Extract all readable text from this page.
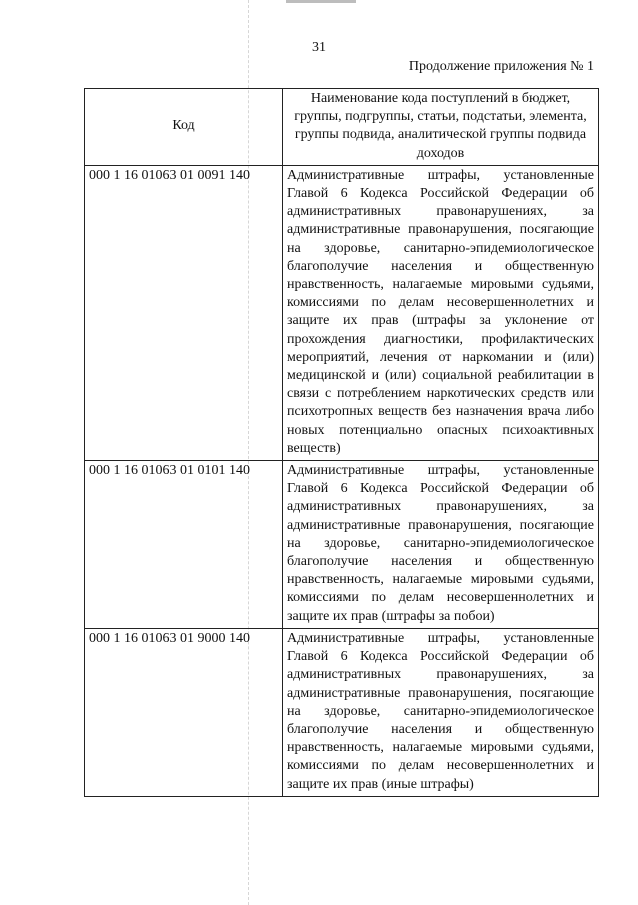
31
Продолжение приложения № 1
Код	Наименование кода поступлений в бюджет, группы, подгруппы, статьи, подстатьи, элемента, группы подвида, аналитической группы подвида доходов
000 1 16 01063 01 0091 140	Административные штрафы, установленные Главой 6 Кодекса Российской Федерации об административных правонарушениях, за административные правонарушения, посягающие на здоровье, санитарно-эпидемиологическое благополучие населения и общественную нравственность, налагаемые мировыми судьями, комиссиями по делам несовершеннолетних и защите их прав (штрафы за уклонение от прохождения диагностики, профилактических мероприятий, лечения от наркомании и (или) медицинской и (или) социальной реабилитации в связи с потреблением наркотических средств или психотропных веществ без назначения врача либо новых потенциально опасных психоактивных веществ)
000 1 16 01063 01 0101 140	Административные штрафы, установленные Главой 6 Кодекса Российской Федерации об административных правонарушениях, за административные правонарушения, посягающие на здоровье, санитарно-эпидемиологическое благополучие населения и общественную нравственность, налагаемые мировыми судьями, комиссиями по делам несовершеннолетних и защите их прав (штрафы за побои)
000 1 16 01063 01 9000 140	Административные штрафы, установленные Главой 6 Кодекса Российской Федерации об административных правонарушениях, за административные правонарушения, посягающие на здоровье, санитарно-эпидемиологическое благополучие населения и общественную нравственность, налагаемые мировыми судьями, комиссиями по делам несовершеннолетних и защите их прав (иные штрафы)
